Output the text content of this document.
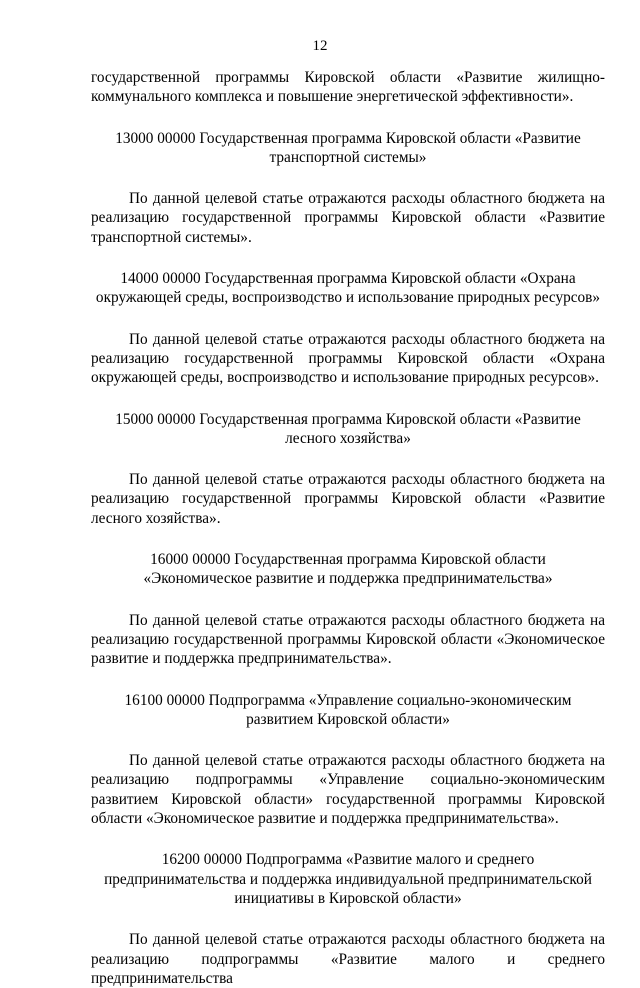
12

государственной программы Кировской области «Развитие жилищно-коммунального комплекса и повышение энергетической эффективности».

13000 00000 Государственная программа Кировской области «Развитие транспортной системы»

По данной целевой статье отражаются расходы областного бюджета на реализацию государственной программы Кировской области «Развитие транспортной системы».

14000 00000 Государственная программа Кировской области «Охрана окружающей среды, воспроизводство и использование природных ресурсов»

По данной целевой статье отражаются расходы областного бюджета на реализацию государственной программы Кировской области «Охрана окружающей среды, воспроизводство и использование природных ресурсов».

15000 00000 Государственная программа Кировской области «Развитие лесного хозяйства»

По данной целевой статье отражаются расходы областного бюджета на реализацию государственной программы Кировской области «Развитие лесного хозяйства».

16000 00000 Государственная программа Кировской области «Экономическое развитие и поддержка предпринимательства»

По данной целевой статье отражаются расходы областного бюджета на реализацию государственной программы Кировской области «Экономическое развитие и поддержка предпринимательства».

16100 00000 Подпрограмма «Управление социально-экономическим развитием Кировской области»

По данной целевой статье отражаются расходы областного бюджета на реализацию подпрограммы «Управление социально-экономическим развитием Кировской области» государственной программы Кировской области «Экономическое развитие и поддержка предпринимательства».

16200 00000 Подпрограмма «Развитие малого и среднего предпринимательства и поддержка индивидуальной предпринимательской инициативы в Кировской области»

По данной целевой статье отражаются расходы областного бюджета на реализацию подпрограммы «Развитие малого и среднего предпринимательства
